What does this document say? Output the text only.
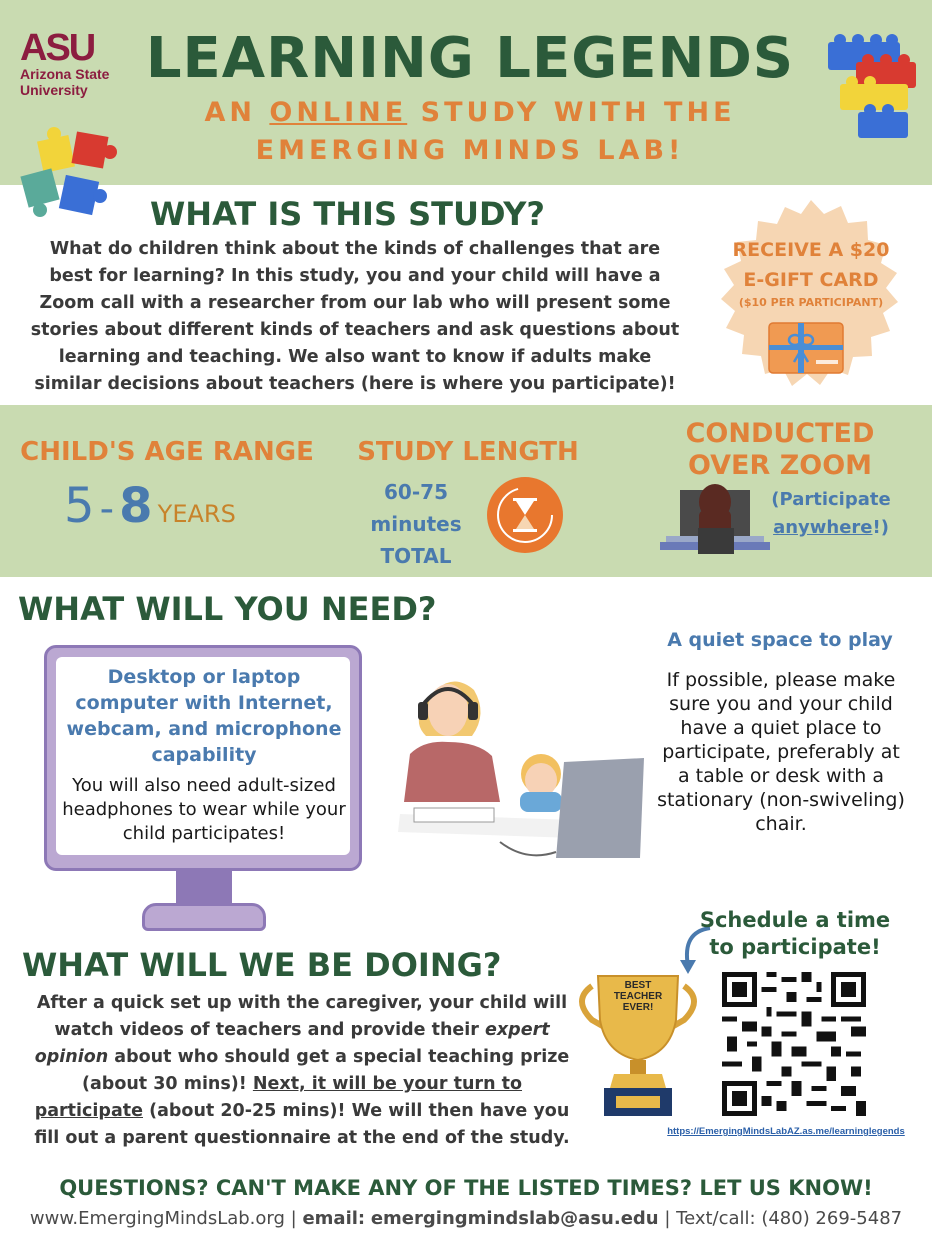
ASU
Arizona State
University	LEARNING LEGENDS
AN ONLINE STUDY WITH THE
EMERGING MINDS LAB!
WHAT IS THIS STUDY?
What do children think about the kinds of challenges that are best for learning? In this study, you and your child will have a Zoom call with a researcher from our lab who will present some stories about different kinds of teachers and ask questions about learning and teaching. We also want to know if adults make similar decisions about teachers (here is where you participate)!
RECEIVE A $20
E-GIFT CARD
($10 PER PARTICIPANT)
CHILD'S AGE RANGE
5 - 8 YEARS
STUDY LENGTH
60-75
minutes
TOTAL
CONDUCTED
OVER ZOOM
(Participate
anywhere!)
WHAT WILL YOU NEED?
Desktop or laptop computer with Internet, webcam, and microphone capability
You will also need adult-sized headphones to wear while your child participates!
A quiet space to play
If possible, please make sure you and your child have a quiet place to participate, preferably at a table or desk with a stationary (non-swiveling) chair.
WHAT WILL WE BE DOING?
After a quick set up with the caregiver, your child will watch videos of teachers and provide their expert opinion about who should get a special teaching prize (about 30 mins)! Next, it will be your turn to participate (about 20-25 mins)! We will then have you fill out a parent questionnaire at the end of the study.
BEST
TEACHER
EVER!
Schedule a time
to participate!
https://EmergingMindsLabAZ.as.me/learninglegends
QUESTIONS? CAN'T MAKE ANY OF THE LISTED TIMES? LET US KNOW!
www.EmergingMindsLab.org | email: emergingmindslab@asu.edu | Text/call: (480) 269-5487
